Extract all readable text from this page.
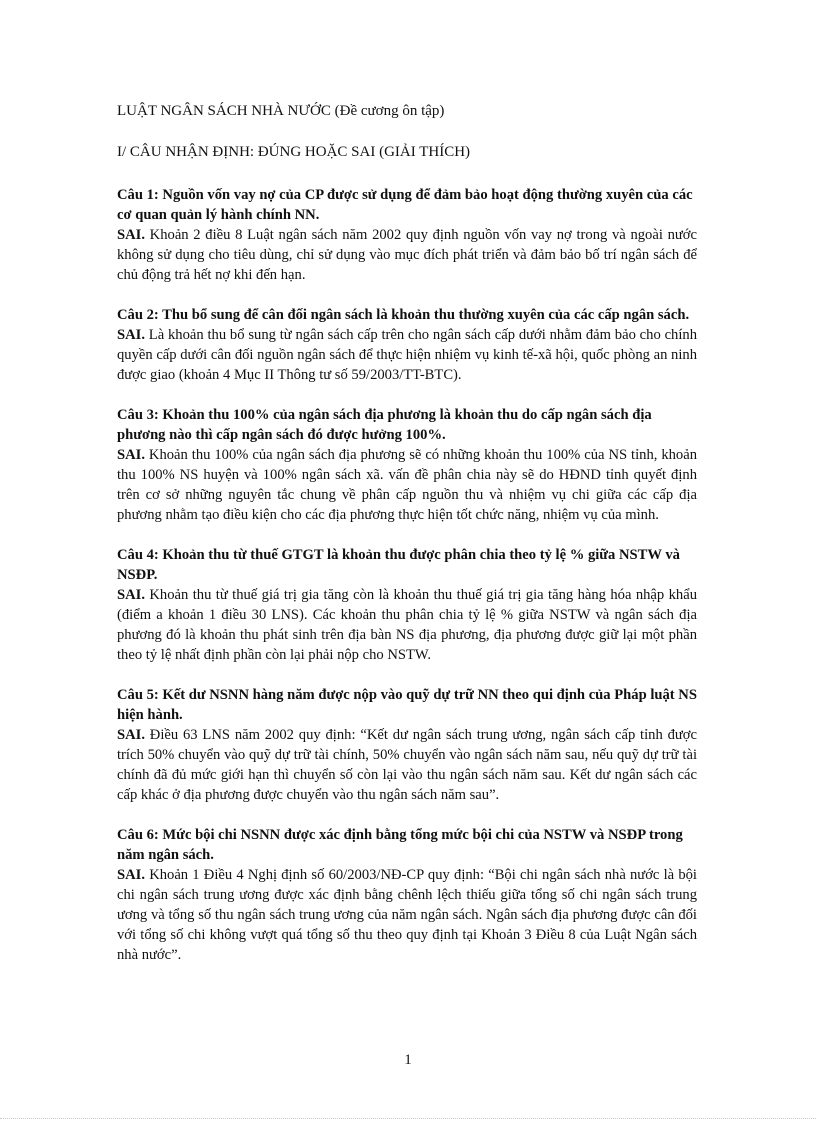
LUẬT NGÂN SÁCH NHÀ NƯỚC (Đề cương ôn tập)

I/ CÂU NHẬN ĐỊNH: ĐÚNG HOẶC SAI (GIẢI THÍCH)

Câu 1: Nguồn vốn vay nợ của CP được sử dụng để đảm bảo hoạt động thường xuyên của các cơ quan quản lý hành chính NN.

SAI. Khoản 2 điều 8 Luật ngân sách năm 2002 quy định nguồn vốn vay nợ trong và ngoài nước không sử dụng cho tiêu dùng, chỉ sử dụng vào mục đích phát triển và đảm bảo bố trí ngân sách để chủ động trả hết nợ khi đến hạn.

Câu 2: Thu bổ sung để cân đối ngân sách là khoản thu thường xuyên của các cấp ngân sách.

SAI. Là khoản thu bổ sung từ ngân sách cấp trên cho ngân sách cấp dưới nhằm đảm bảo cho chính quyền cấp dưới cân đối nguồn ngân sách để thực hiện nhiệm vụ kinh tế-xã hội, quốc phòng an ninh được giao (khoản 4 Mục II Thông tư số 59/2003/TT-BTC).

Câu 3: Khoản thu 100% của ngân sách địa phương là khoản thu do cấp ngân sách địa phương nào thì cấp ngân sách đó được hưởng 100%.

SAI. Khoản thu 100% của ngân sách địa phương sẽ có những khoản thu 100% của NS tỉnh, khoản thu 100% NS huyện và 100% ngân sách xã. vấn đề phân chia này sẽ do HĐND tỉnh quyết định trên cơ sở những nguyên tắc chung về phân cấp nguồn thu và nhiệm vụ chi giữa các cấp địa phương nhằm tạo điều kiện cho các địa phương thực hiện tốt chức năng, nhiệm vụ của mình.

Câu 4: Khoản thu từ thuế GTGT là khoản thu được phân chia theo tỷ lệ % giữa NSTW và NSĐP.

SAI. Khoản thu từ thuế giá trị gia tăng còn là khoản thu thuế giá trị gia tăng hàng hóa nhập khẩu (điểm a khoản 1 điều 30 LNS). Các khoản thu phân chia tỷ lệ % giữa NSTW và ngân sách địa phương đó là khoản thu phát sinh trên địa bàn NS địa phương, địa phương được giữ lại một phần theo tỷ lệ nhất định phần còn lại phải nộp cho NSTW.

Câu 5: Kết dư NSNN hàng năm được nộp vào quỹ dự trữ NN theo qui định của Pháp luật NS hiện hành.

SAI. Điều 63 LNS năm 2002 quy định: “Kết dư ngân sách trung ương, ngân sách cấp tỉnh được trích 50% chuyển vào quỹ dự trữ tài chính, 50% chuyển vào ngân sách năm sau, nếu quỹ dự trữ tài chính đã đủ mức giới hạn thì chuyển số còn lại vào thu ngân sách năm sau. Kết dư ngân sách các cấp khác ở địa phương được chuyển vào thu ngân sách năm sau”.

Câu 6: Mức bội chi NSNN được xác định bằng tổng mức bội chi của NSTW và NSĐP trong năm ngân sách.

SAI. Khoản 1 Điều 4 Nghị định số 60/2003/NĐ-CP quy định: “Bội chi ngân sách nhà nước là bội chi ngân sách trung ương được xác định bằng chênh lệch thiếu giữa tổng số chi ngân sách trung ương và tổng số thu ngân sách trung ương của năm ngân sách. Ngân sách địa phương được cân đối với tổng số chi không vượt quá tổng số thu theo quy định tại Khoản 3 Điều 8 của Luật Ngân sách nhà nước”.

1
